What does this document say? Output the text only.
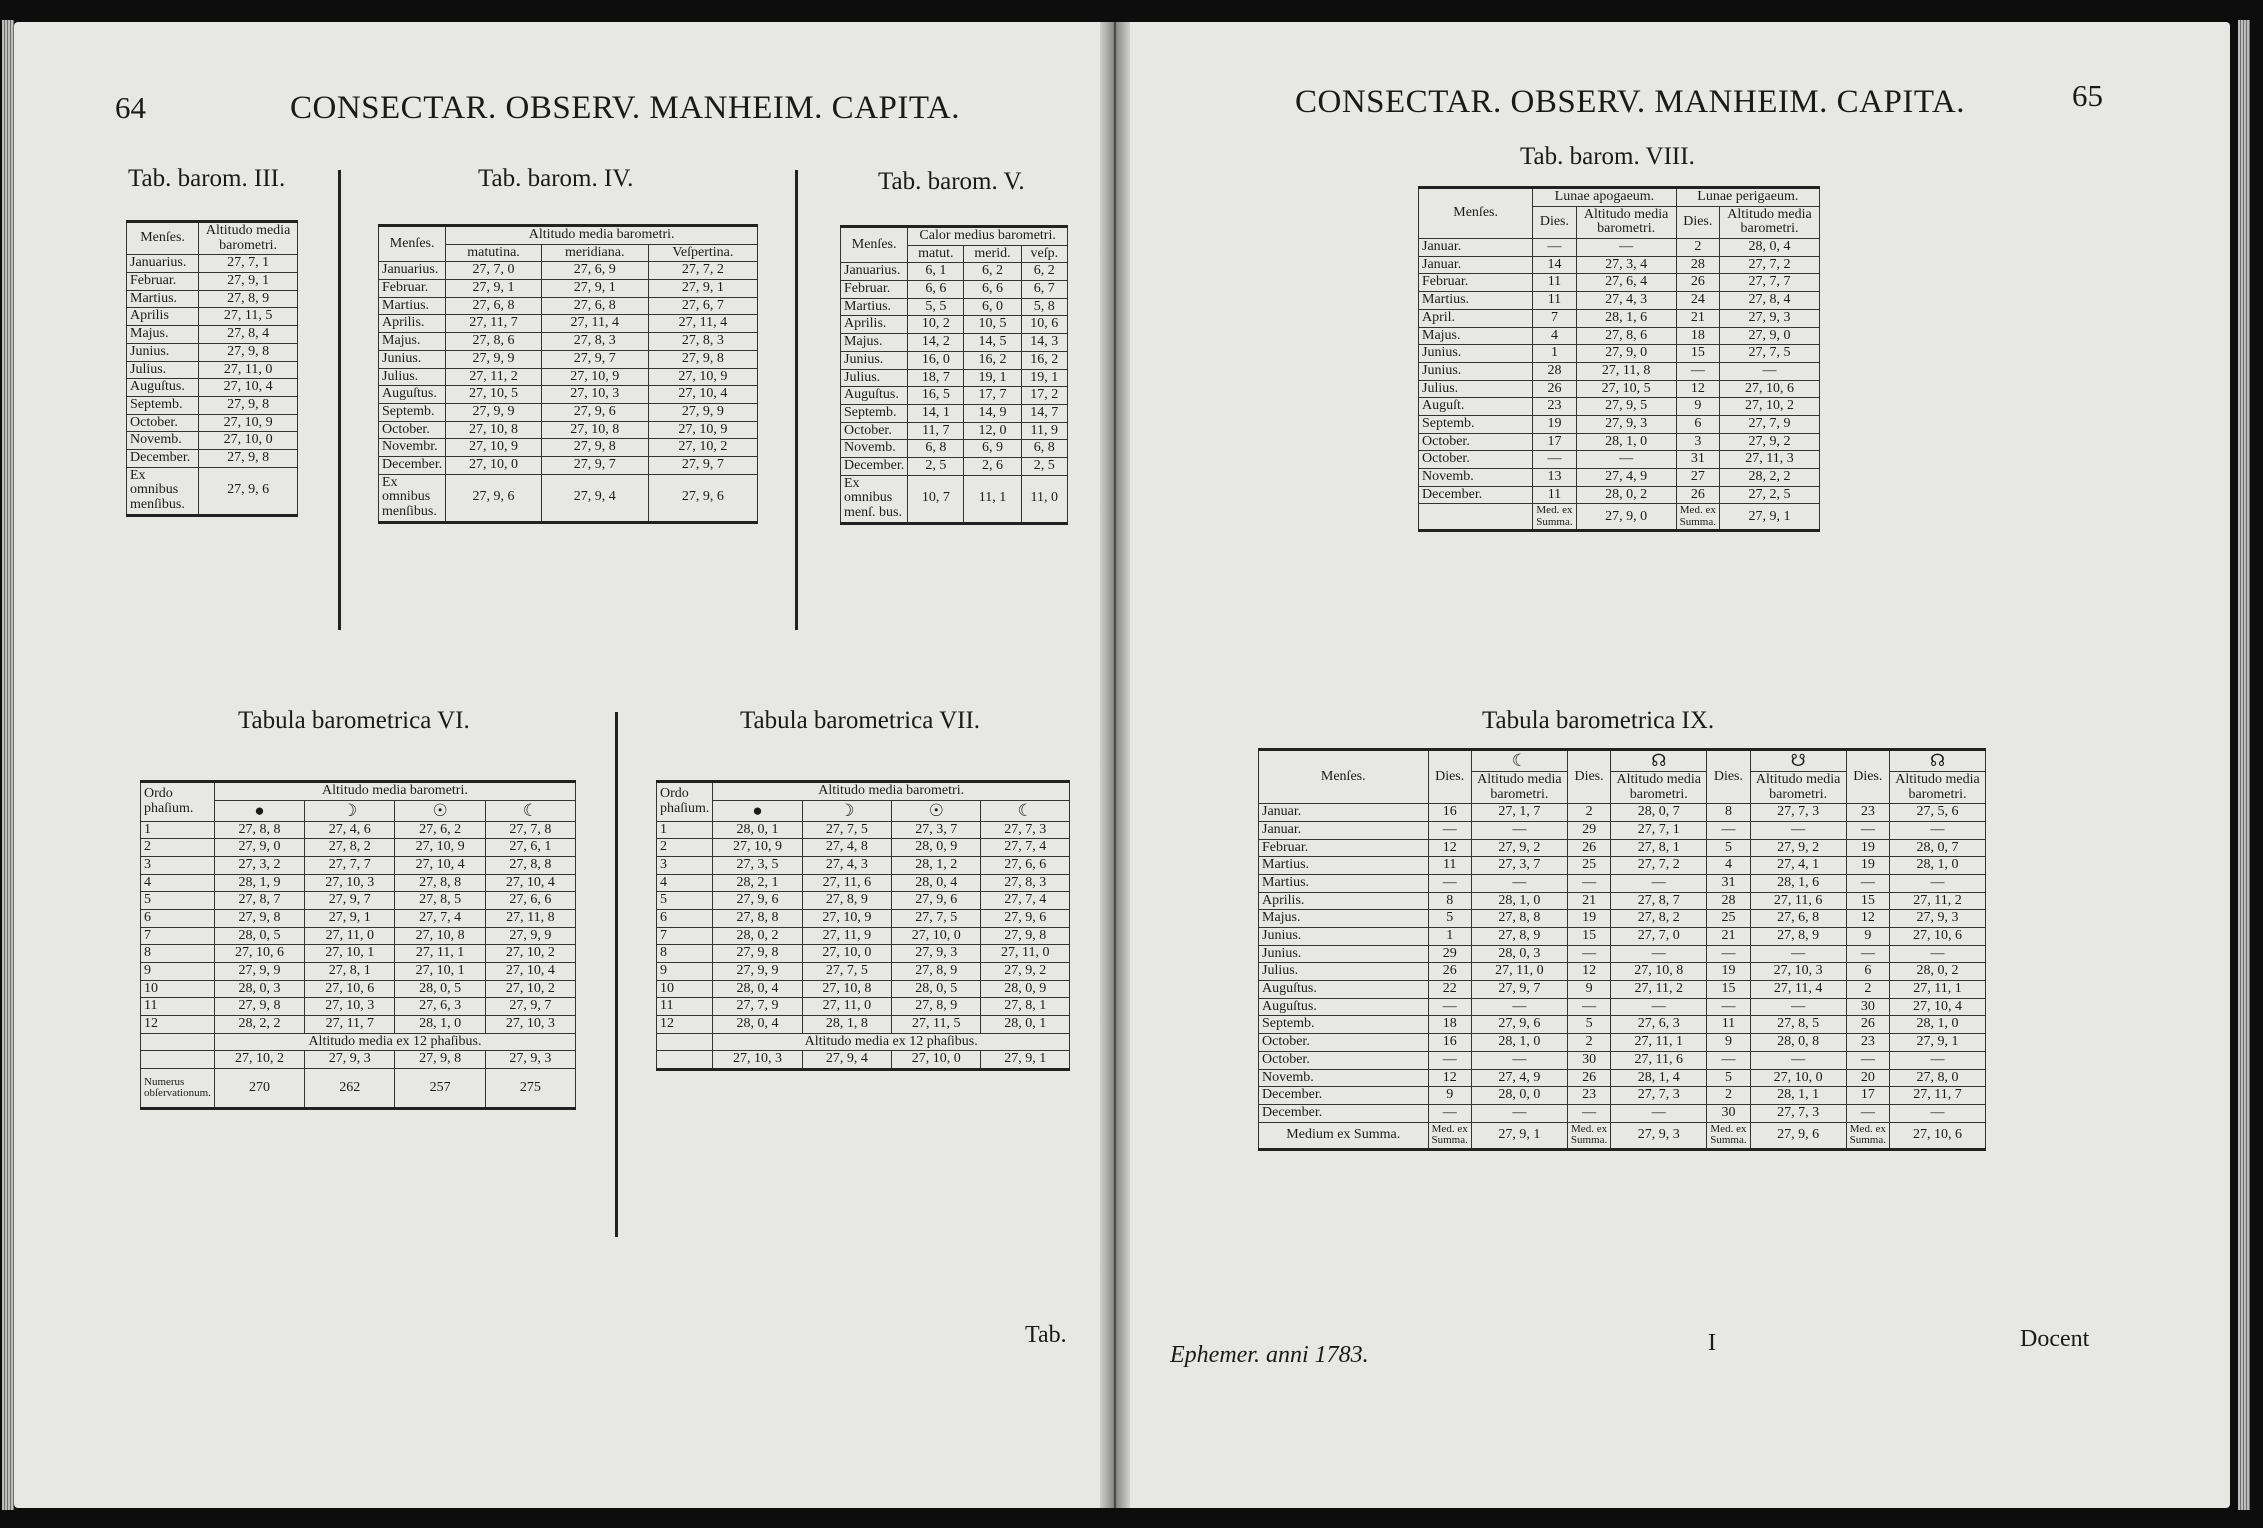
64	CONSECTAR. OBSERV. MANHEIM. CAPITA.
Tab. barom. III.
Menſes.	Altitudo media barometri.
Januarius.	27, 7, 1
Februar.	27, 9, 1
Martius.	27, 8, 9
Aprilis	27, 11, 5
Majus.	27, 8, 4
Junius.	27, 9, 8
Julius.	27, 11, 0
Auguſtus.	27, 10, 4
Septemb.	27, 9, 8
October.	27, 10, 9
Novemb.	27, 10, 0
December.	27, 9, 8
Ex omnibus menſibus.	27, 9, 6
Tab. barom. IV.
Menſes.	Altitudo media barometri.		
	matutina.	meridiana.	Veſpertina.
Januarius.	27, 7, 0	27, 6, 9	27, 7, 2
Februar.	27, 9, 1	27, 9, 1	27, 9, 1
Martius.	27, 6, 8	27, 6, 8	27, 6, 7
Aprilis.	27, 11, 7	27, 11, 4	27, 11, 4
Majus.	27, 8, 6	27, 8, 3	27, 8, 3
Junius.	27, 9, 9	27, 9, 7	27, 9, 8
Julius.	27, 11, 2	27, 10, 9	27, 10, 9
Auguſtus.	27, 10, 5	27, 10, 3	27, 10, 4
Septemb.	27, 9, 9	27, 9, 6	27, 9, 9
October.	27, 10, 8	27, 10, 8	27, 10, 9
Novembr.	27, 10, 9	27, 9, 8	27, 10, 2
December.	27, 10, 0	27, 9, 7	27, 9, 7
Ex omnibus menſibus.	27, 9, 6	27, 9, 4	27, 9, 6
Tab. barom. V.
Menſes.	Calor medius barometri.		
	matut.	merid.	veſp.
Januarius.	6, 1	6, 2	6, 2
Februar.	6, 6	6, 6	6, 7
Martius.	5, 5	6, 0	5, 8
Aprilis.	10, 2	10, 5	10, 6
Majus.	14, 2	14, 5	14, 3
Junius.	16, 0	16, 2	16, 2
Julius.	18, 7	19, 1	19, 1
Auguſtus.	16, 5	17, 7	17, 2
Septemb.	14, 1	14, 9	14, 7
October.	11, 7	12, 0	11, 9
Novemb.	6, 8	6, 9	6, 8
December.	2, 5	2, 6	2, 5
Ex omnibus menſ. bus.	10, 7	11, 1	11, 0
Tabula barometrica VI.
Ordo phaſium.	Altitudo media barometri.			
	●	☽	☉	☾
1	27, 8, 8	27, 4, 6	27, 6, 2	27, 7, 8
2	27, 9, 0	27, 8, 2	27, 10, 9	27, 6, 1
3	27, 3, 2	27, 7, 7	27, 10, 4	27, 8, 8
4	28, 1, 9	27, 10, 3	27, 8, 8	27, 10, 4
5	27, 8, 7	27, 9, 7	27, 8, 5	27, 6, 6
6	27, 9, 8	27, 9, 1	27, 7, 4	27, 11, 8
7	28, 0, 5	27, 11, 0	27, 10, 8	27, 9, 9
8	27, 10, 6	27, 10, 1	27, 11, 1	27, 10, 2
9	27, 9, 9	27, 8, 1	27, 10, 1	27, 10, 4
10	28, 0, 3	27, 10, 6	28, 0, 5	27, 10, 2
11	27, 9, 8	27, 10, 3	27, 6, 3	27, 9, 7
12	28, 2, 2	27, 11, 7	28, 1, 0	27, 10, 3
	Altitudo media ex 12 phaſibus.			
	27, 10, 2	27, 9, 3	27, 9, 8	27, 9, 3
Numerus obſervationum.	270	262	257	275
Tabula barometrica VII.
Ordo phaſium.	Altitudo media barometri.			
	●	☽	☉	☾
1	28, 0, 1	27, 7, 5	27, 3, 7	27, 7, 3
2	27, 10, 9	27, 4, 8	28, 0, 9	27, 7, 4
3	27, 3, 5	27, 4, 3	28, 1, 2	27, 6, 6
4	28, 2, 1	27, 11, 6	28, 0, 4	27, 8, 3
5	27, 9, 6	27, 8, 9	27, 9, 6	27, 7, 4
6	27, 8, 8	27, 10, 9	27, 7, 5	27, 9, 6
7	28, 0, 2	27, 11, 9	27, 10, 0	27, 9, 8
8	27, 9, 8	27, 10, 0	27, 9, 3	27, 11, 0
9	27, 9, 9	27, 7, 5	27, 8, 9	27, 9, 2
10	28, 0, 4	27, 10, 8	28, 0, 5	28, 0, 9
11	27, 7, 9	27, 11, 0	27, 8, 9	27, 8, 1
12	28, 0, 4	28, 1, 8	27, 11, 5	28, 0, 1
	Altitudo media ex 12 phaſibus.			
	27, 10, 3	27, 9, 4	27, 10, 0	27, 9, 1
Tab.
CONSECTAR. OBSERV. MANHEIM. CAPITA.	65
Tab. barom. VIII.
Menſes.	Lunae apogaeum.		Lunae perigaeum.	
	Dies.	Altitudo media barometri.	Dies.	Altitudo media barometri.
Januar.	—	—	2	28, 0, 4
Januar.	14	27, 3, 4	28	27, 7, 2
Februar.	11	27, 6, 4	26	27, 7, 7
Martius.	11	27, 4, 3	24	27, 8, 4
April.	7	28, 1, 6	21	27, 9, 3
Majus.	4	27, 8, 6	18	27, 9, 0
Junius.	1	27, 9, 0	15	27, 7, 5
Junius.	28	27, 11, 8	—	—
Julius.	26	27, 10, 5	12	27, 10, 6
Auguſt.	23	27, 9, 5	9	27, 10, 2
Septemb.	19	27, 9, 3	6	27, 7, 9
October.	17	28, 1, 0	3	27, 9, 2
October.	—	—	31	27, 11, 3
Novemb.	13	27, 4, 9	27	28, 2, 2
December.	11	28, 0, 2	26	27, 2, 5
	Med. ex Summa.	27, 9, 0	Med. ex Summa.	27, 9, 1
Tabula barometrica IX.
Menſes.	Dies.	☾	Dies.	☊	Dies.	☋	Dies.	☊
		Altitudo media barometri.		Altitudo media barometri.		Altitudo media barometri.		Altitudo media barometri.
Januar.	16	27, 1, 7	2	28, 0, 7	8	27, 7, 3	23	27, 5, 6
Januar.	—	—	29	27, 7, 1	—	—	—	—
Februar.	12	27, 9, 2	26	27, 8, 1	5	27, 9, 2	19	28, 0, 7
Martius.	11	27, 3, 7	25	27, 7, 2	4	27, 4, 1	19	28, 1, 0
Martius.	—	—	—	—	31	28, 1, 6	—	—
Aprilis.	8	28, 1, 0	21	27, 8, 7	28	27, 11, 6	15	27, 11, 2
Majus.	5	27, 8, 8	19	27, 8, 2	25	27, 6, 8	12	27, 9, 3
Junius.	1	27, 8, 9	15	27, 7, 0	21	27, 8, 9	9	27, 10, 6
Junius.	29	28, 0, 3	—	—	—	—	—	—
Julius.	26	27, 11, 0	12	27, 10, 8	19	27, 10, 3	6	28, 0, 2
Auguſtus.	22	27, 9, 7	9	27, 11, 2	15	27, 11, 4	2	27, 11, 1
Auguſtus.	—	—	—	—	—	—	30	27, 10, 4
Septemb.	18	27, 9, 6	5	27, 6, 3	11	27, 8, 5	26	28, 1, 0
October.	16	28, 1, 0	2	27, 11, 1	9	28, 0, 8	23	27, 9, 1
October.	—	—	30	27, 11, 6	—	—	—	—
Novemb.	12	27, 4, 9	26	28, 1, 4	5	27, 10, 0	20	27, 8, 0
December.	9	28, 0, 0	23	27, 7, 3	2	28, 1, 1	17	27, 11, 7
December.	—	—	—	—	30	27, 7, 3	—	—
Medium ex Summa.	Med. ex Summa.	27, 9, 1	Med. ex Summa.	27, 9, 3	Med. ex Summa.	27, 9, 6	Med. ex Summa.	27, 10, 6
Ephemer. anni 1783.	I	Docent
